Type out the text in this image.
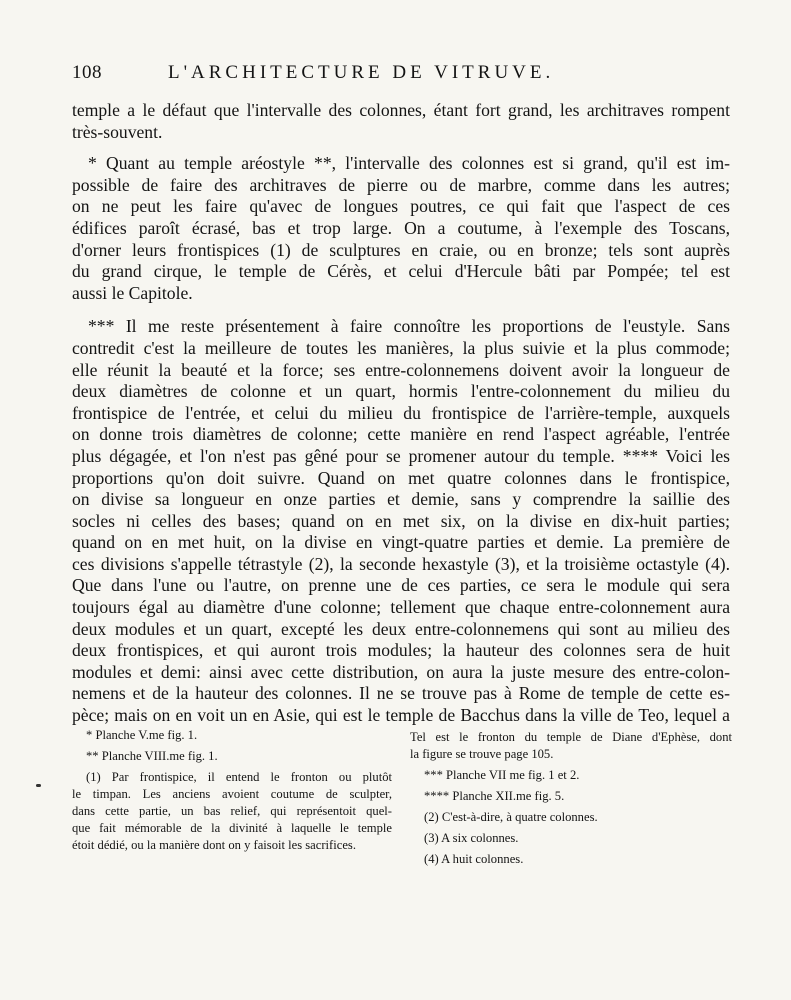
108	L'ARCHITECTURE DE VITRUVE.

temple a le défaut que l'intervalle des colonnes, étant fort grand, les architraves rompent
très-souvent.

* Quant au temple aréostyle **, l'intervalle des colonnes est si grand, qu'il est im-
possible de faire des architraves de pierre ou de marbre, comme dans les autres;
on ne peut les faire qu'avec de longues poutres, ce qui fait que l'aspect de ces
édifices paroît écrasé, bas et trop large. On a coutume, à l'exemple des Toscans,
d'orner leurs frontispices (1) de sculptures en craie, ou en bronze; tels sont auprès
du grand cirque, le temple de Cérès, et celui d'Hercule bâti par Pompée; tel est
aussi le Capitole.

*** Il me reste présentement à faire connoître les proportions de l'eustyle. Sans
contredit c'est la meilleure de toutes les manières, la plus suivie et la plus commode;
elle réunit la beauté et la force; ses entre-colonnemens doivent avoir la longueur de
deux diamètres de colonne et un quart, hormis l'entre-colonnement du milieu du
frontispice de l'entrée, et celui du milieu du frontispice de l'arrière-temple, auxquels
on donne trois diamètres de colonne; cette manière en rend l'aspect agréable, l'entrée
plus dégagée, et l'on n'est pas gêné pour se promener autour du temple. **** Voici les
proportions qu'on doit suivre. Quand on met quatre colonnes dans le frontispice,
on divise sa longueur en onze parties et demie, sans y comprendre la saillie des
socles ni celles des bases; quand on en met six, on la divise en dix-huit parties;
quand on en met huit, on la divise en vingt-quatre parties et demie. La première de
ces divisions s'appelle tétrastyle (2), la seconde hexastyle (3), et la troisième octastyle (4).
Que dans l'une ou l'autre, on prenne une de ces parties, ce sera le module qui sera
toujours égal au diamètre d'une colonne; tellement que chaque entre-colonnement aura
deux modules et un quart, excepté les deux entre-colonnemens qui sont au milieu des
deux frontispices, et qui auront trois modules; la hauteur des colonnes sera de huit
modules et demi: ainsi avec cette distribution, on aura la juste mesure des entre-colon-
nemens et de la hauteur des colonnes. Il ne se trouve pas à Rome de temple de cette es-
pèce; mais on en voit un en Asie, qui est le temple de Bacchus dans la ville de Teo, lequel a

* Planche V.me fig. 1.
** Planche VIII.me fig. 1.
(1) Par frontispice, il entend le fronton ou plutôt
le timpan. Les anciens avoient coutume de sculpter,
dans cette partie, un bas relief, qui représentoit quel-
que fait mémorable de la divinité à laquelle le temple
étoit dédié, ou la manière dont on y faisoit les sacrifices.
Tel est le fronton du temple de Diane d'Ephèse, dont
la figure se trouve page 105.
*** Planche VII me fig. 1 et 2.
**** Planche XII.me fig. 5.
(2) C'est-à-dire, à quatre colonnes.
(3) A six colonnes.
(4) A huit colonnes.
